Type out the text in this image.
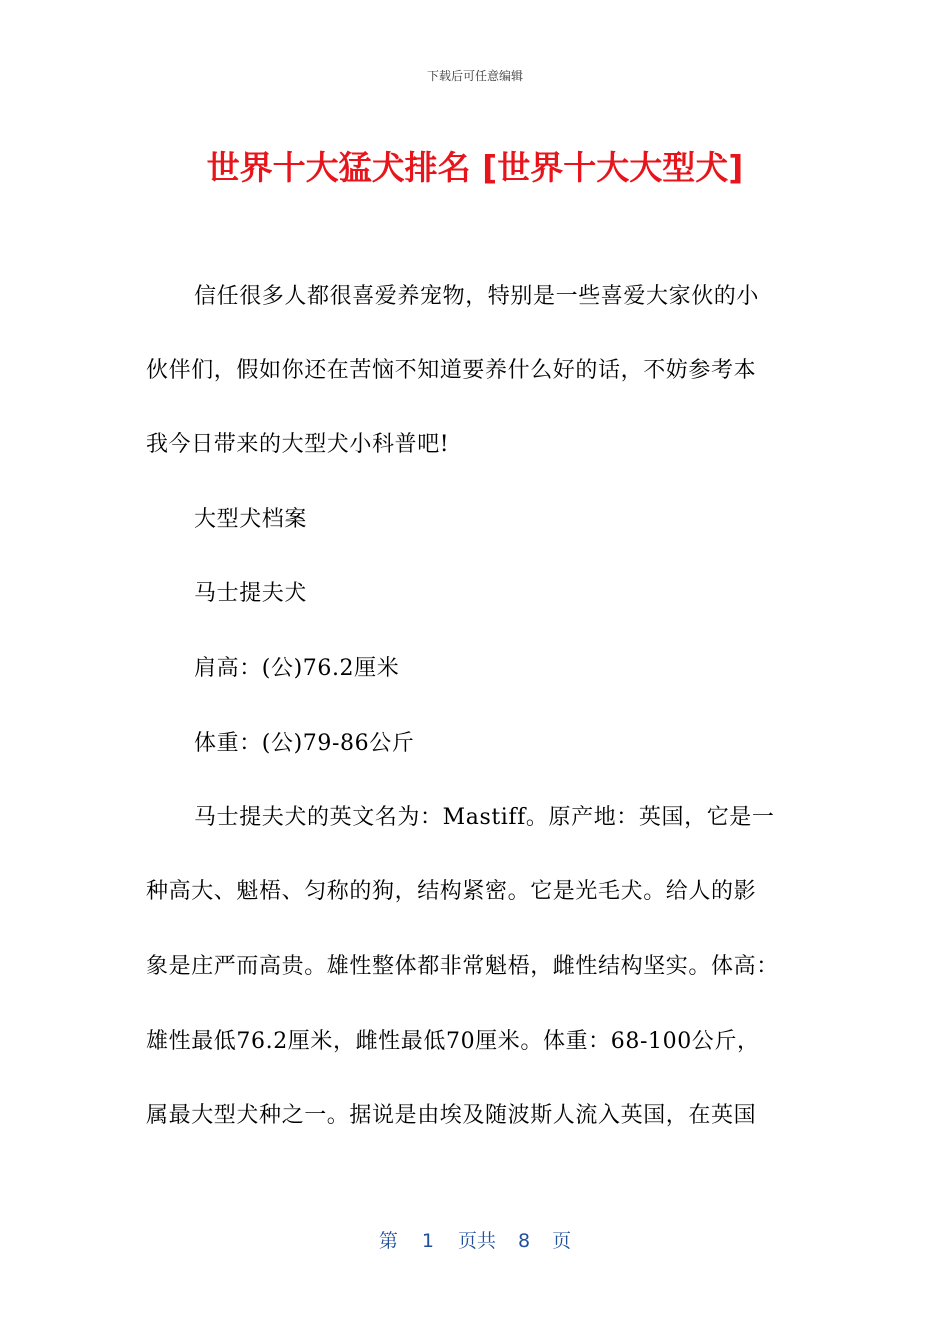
下载后可任意编辑
世界十大猛犬排名 [世界十大大型犬]
信任很多人都很喜爱养宠物，特别是一些喜爱大家伙的小
伙伴们，假如你还在苦恼不知道要养什么好的话，不妨参考本
我今日带来的大型犬小科普吧!
大型犬档案
马士提夫犬
肩高：(公)76.2厘米
体重：(公)79-86公斤
马士提夫犬的英文名为：Mastiff。原产地：英国，它是一
种高大、魁梧、匀称的狗，结构紧密。它是光毛犬。给人的影
象是庄严而高贵。雄性整体都非常魁梧，雌性结构坚实。体高：
雄性最低76.2厘米，雌性最低70厘米。体重：68-100公斤，
属最大型犬种之一。据说是由埃及随波斯人流入英国，在英国
第 1 页共 8 页
